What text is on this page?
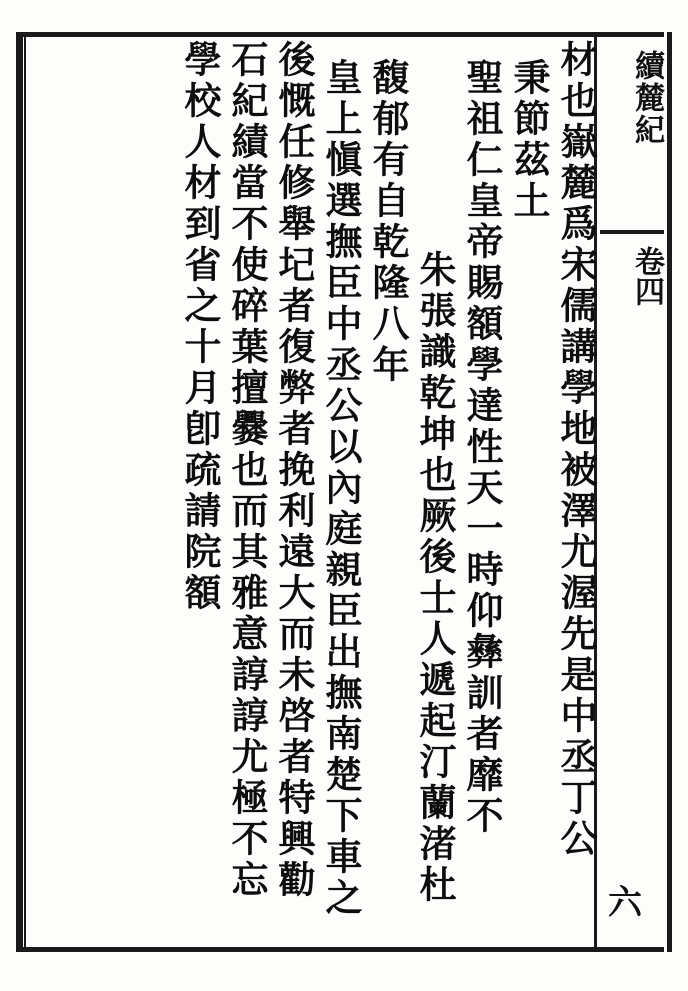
續麓紀
卷四
六
材也嶽麓爲宋儒講學地被澤尤渥先是中丞丁公
秉節茲土
聖祖仁皇帝賜額學達性天一時仰彝訓者靡不
朱張識乾坤也厥後士人遞起汀蘭渚杜
馥郁有自乾隆八年
皇上愼選撫臣中丞公以內庭親臣出撫南楚下車之
後慨任修舉圮者復弊者挽利遠大而未啓者特興勸
石紀績當不使碎葉擅爨也而其雅意諄諄尤極不忘
學校人材到省之十月卽疏請院額
